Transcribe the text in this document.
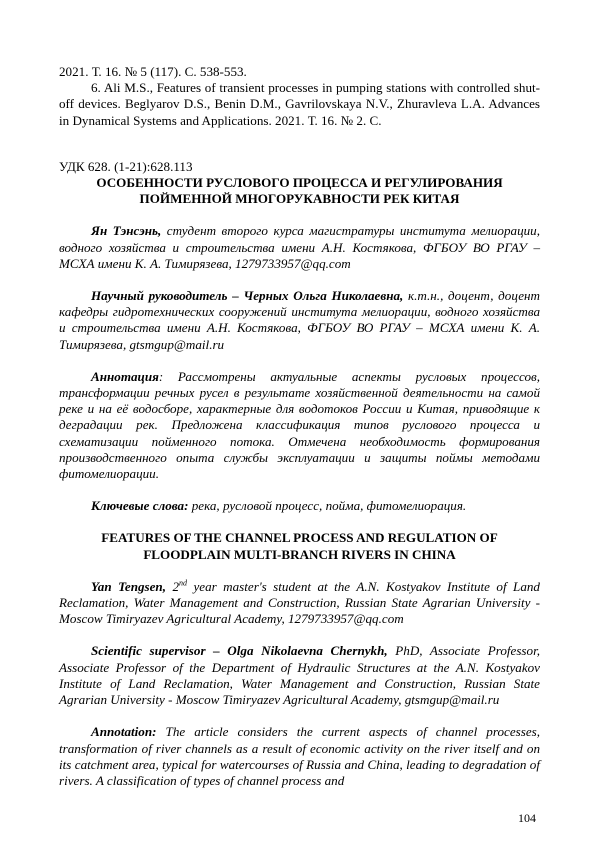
2021. Т. 16. № 5 (117). С. 538-553.

6. Ali M.S., Features of transient processes in pumping stations with controlled shut-off devices. Beglyarov D.S., Benin D.M., Gavrilovskaya N.V., Zhuravleva L.A. Advances in Dynamical Systems and Applications. 2021. Т. 16. № 2. С.

УДК 628. (1-21):628.113

ОСОБЕННОСТИ РУСЛОВОГО ПРОЦЕССА И РЕГУЛИРОВАНИЯ ПОЙМЕННОЙ МНОГОРУКАВНОСТИ РЕК КИТАЯ

Ян Тэнсэнь, студент второго курса магистратуры института мелиорации, водного хозяйства и строительства имени А.Н. Костякова, ФГБОУ ВО РГАУ – МСХА имени К. А. Тимирязева, 1279733957@qq.com

Научный руководитель – Черных Ольга Николаевна, к.т.н., доцент, доцент кафедры гидротехнических сооружений института мелиорации, водного хозяйства и строительства имени А.Н. Костякова, ФГБОУ ВО РГАУ – МСХА имени К. А. Тимирязева, gtsmgup@mail.ru

Аннотация: Рассмотрены актуальные аспекты русловых процессов, трансформации речных русел в результате хозяйственной деятельности на самой реке и на её водосборе, характерные для водотоков России и Китая, приводящие к деградации рек. Предложена классификация типов руслового процесса и схематизации пойменного потока. Отмечена необходимость формирования производственного опыта службы эксплуатации и защиты поймы методами фитомелиорации.

Ключевые слова: река, русловой процесс, пойма, фитомелиорация.

FEATURES OF THE CHANNEL PROCESS AND REGULATION OF FLOODPLAIN MULTI-BRANCH RIVERS IN CHINA

Yan Tengsen, 2nd year master's student at the A.N. Kostyakov Institute of Land Reclamation, Water Management and Construction, Russian State Agrarian University - Moscow Timiryazev Agricultural Academy, 1279733957@qq.com

Scientific supervisor – Olga Nikolaevna Chernykh, PhD, Associate Professor, Associate Professor of the Department of Hydraulic Structures at the A.N. Kostyakov Institute of Land Reclamation, Water Management and Construction, Russian State Agrarian University - Moscow Timiryazev Agricultural Academy, gtsmgup@mail.ru

Annotation: The article considers the current aspects of channel processes, transformation of river channels as a result of economic activity on the river itself and on its catchment area, typical for watercourses of Russia and China, leading to degradation of rivers. A classification of types of channel process and

104
